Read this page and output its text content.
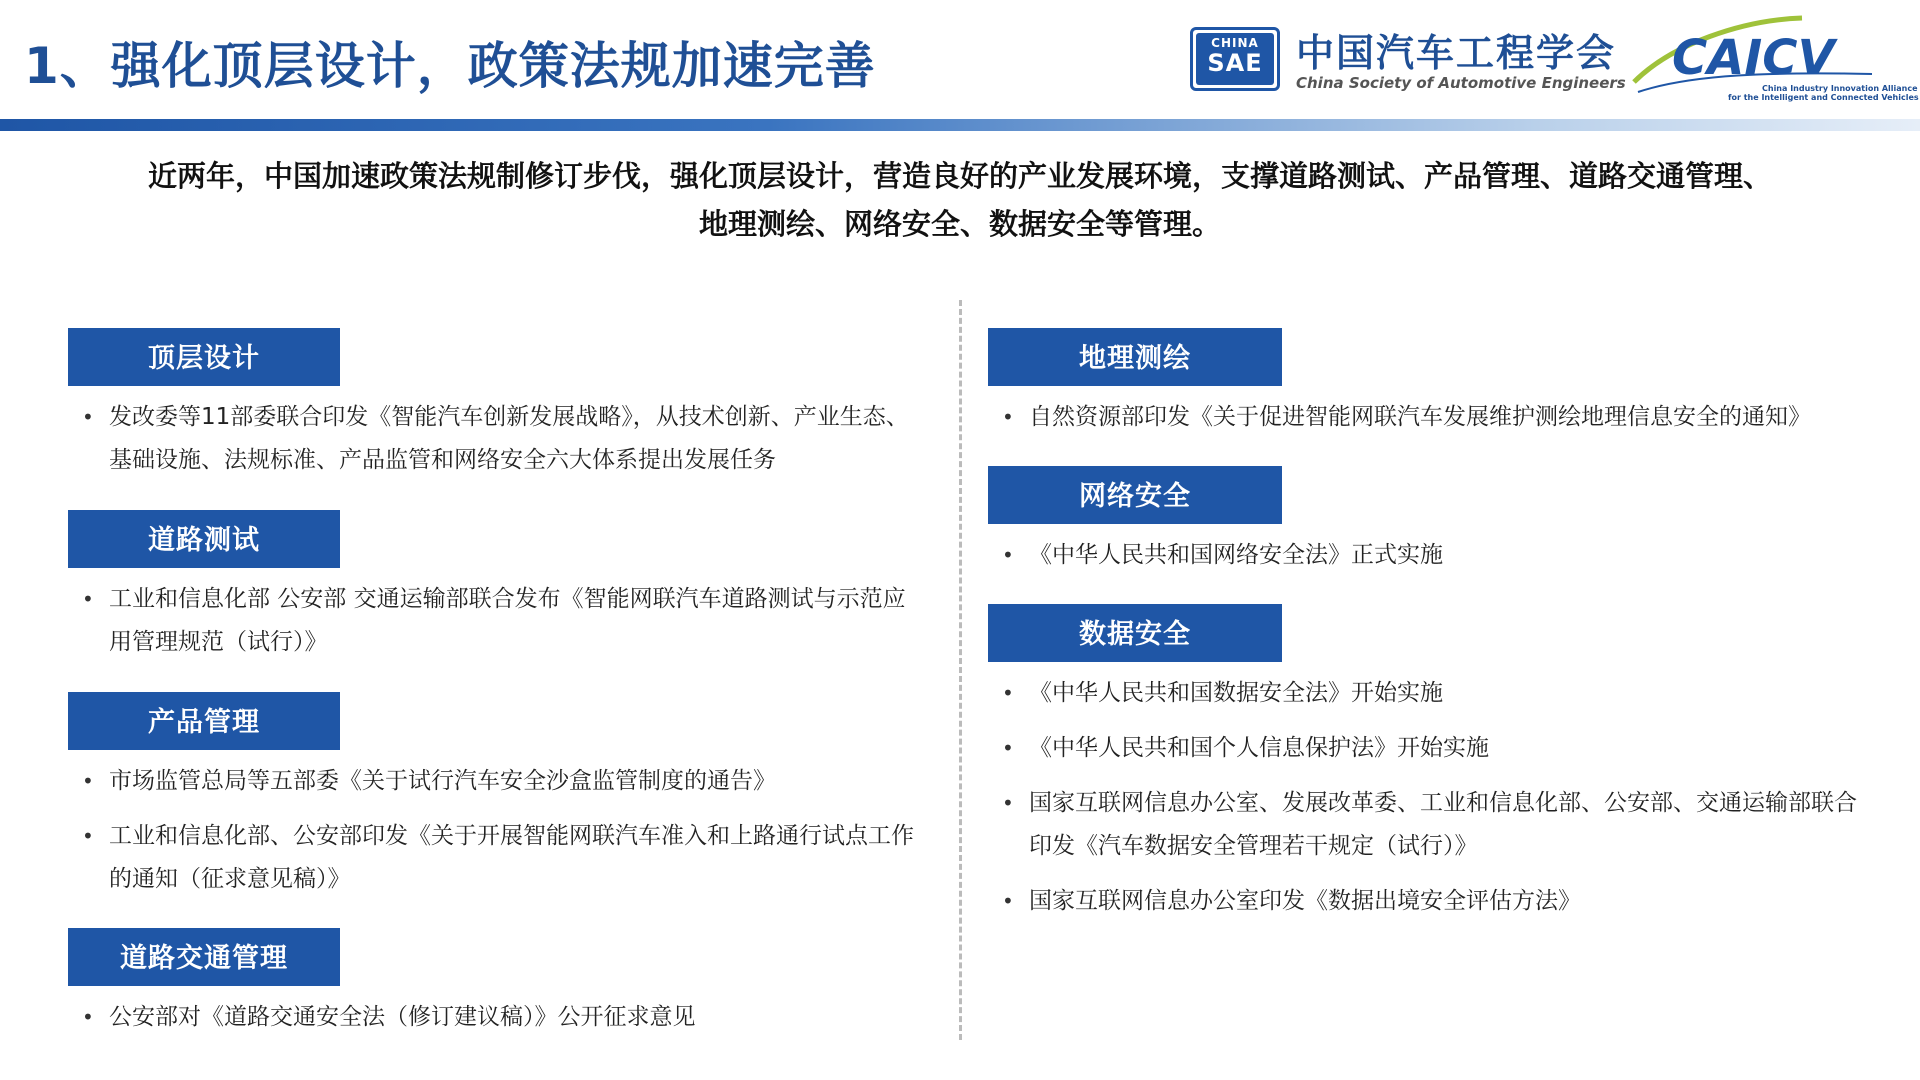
1、强化顶层设计，政策法规加速完善	CHINA
SAE 中国汽车工程学会
China Society of Automotive Engineers CAICV
China Industry Innovation Alliance
for the Intelligent and Connected Vehicles
近两年，中国加速政策法规制修订步伐，强化顶层设计，营造良好的产业发展环境，支撑道路测试、产品管理、道路交通管理、
地理测绘、网络安全、数据安全等管理。
顶层设计
• 发改委等11部委联合印发《智能汽车创新发展战略》，从技术创新、产业生态、基础设施、法规标准、产品监管和网络安全六大体系提出发展任务
道路测试
• 工业和信息化部 公安部 交通运输部联合发布《智能网联汽车道路测试与示范应用管理规范（试行）》
产品管理
• 市场监管总局等五部委《关于试行汽车安全沙盒监管制度的通告》
• 工业和信息化部、公安部印发《关于开展智能网联汽车准入和上路通行试点工作的通知（征求意见稿）》
道路交通管理
• 公安部对《道路交通安全法（修订建议稿）》公开征求意见
地理测绘
• 自然资源部印发《关于促进智能网联汽车发展维护测绘地理信息安全的通知》
网络安全
• 《中华人民共和国网络安全法》正式实施
数据安全
• 《中华人民共和国数据安全法》开始实施
• 《中华人民共和国个人信息保护法》开始实施
• 国家互联网信息办公室、发展改革委、工业和信息化部、公安部、交通运输部联合印发《汽车数据安全管理若干规定（试行）》
• 国家互联网信息办公室印发《数据出境安全评估方法》
